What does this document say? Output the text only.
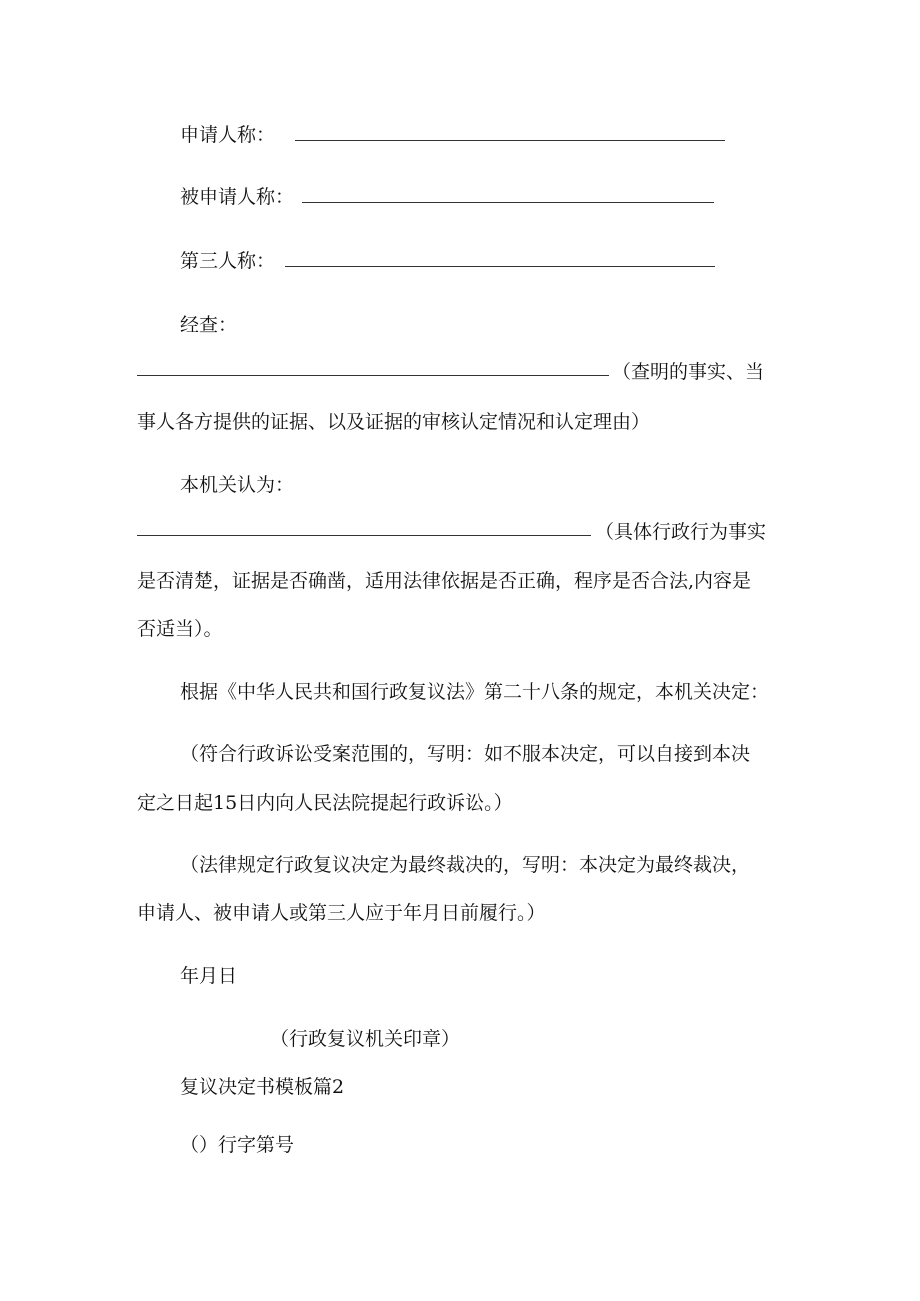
申请人称：
被申请人称：
第三人称：
经查：
（查明的事实、当
事人各方提供的证据、以及证据的审核认定情况和认定理由）
本机关认为：
（具体行政行为事实
是否清楚，证据是否确凿，适用法律依据是否正确，程序是否合法,内容是
否适当）。
根据《中华人民共和国行政复议法》第二十八条的规定，本机关决定：
（符合行政诉讼受案范围的，写明：如不服本决定，可以自接到本决
定之日起15日内向人民法院提起行政诉讼。）
（法律规定行政复议决定为最终裁决的，写明：本决定为最终裁决，
申请人、被申请人或第三人应于年月日前履行。）
年月日
（行政复议机关印章）
复议决定书模板篇2
（）行字第号
